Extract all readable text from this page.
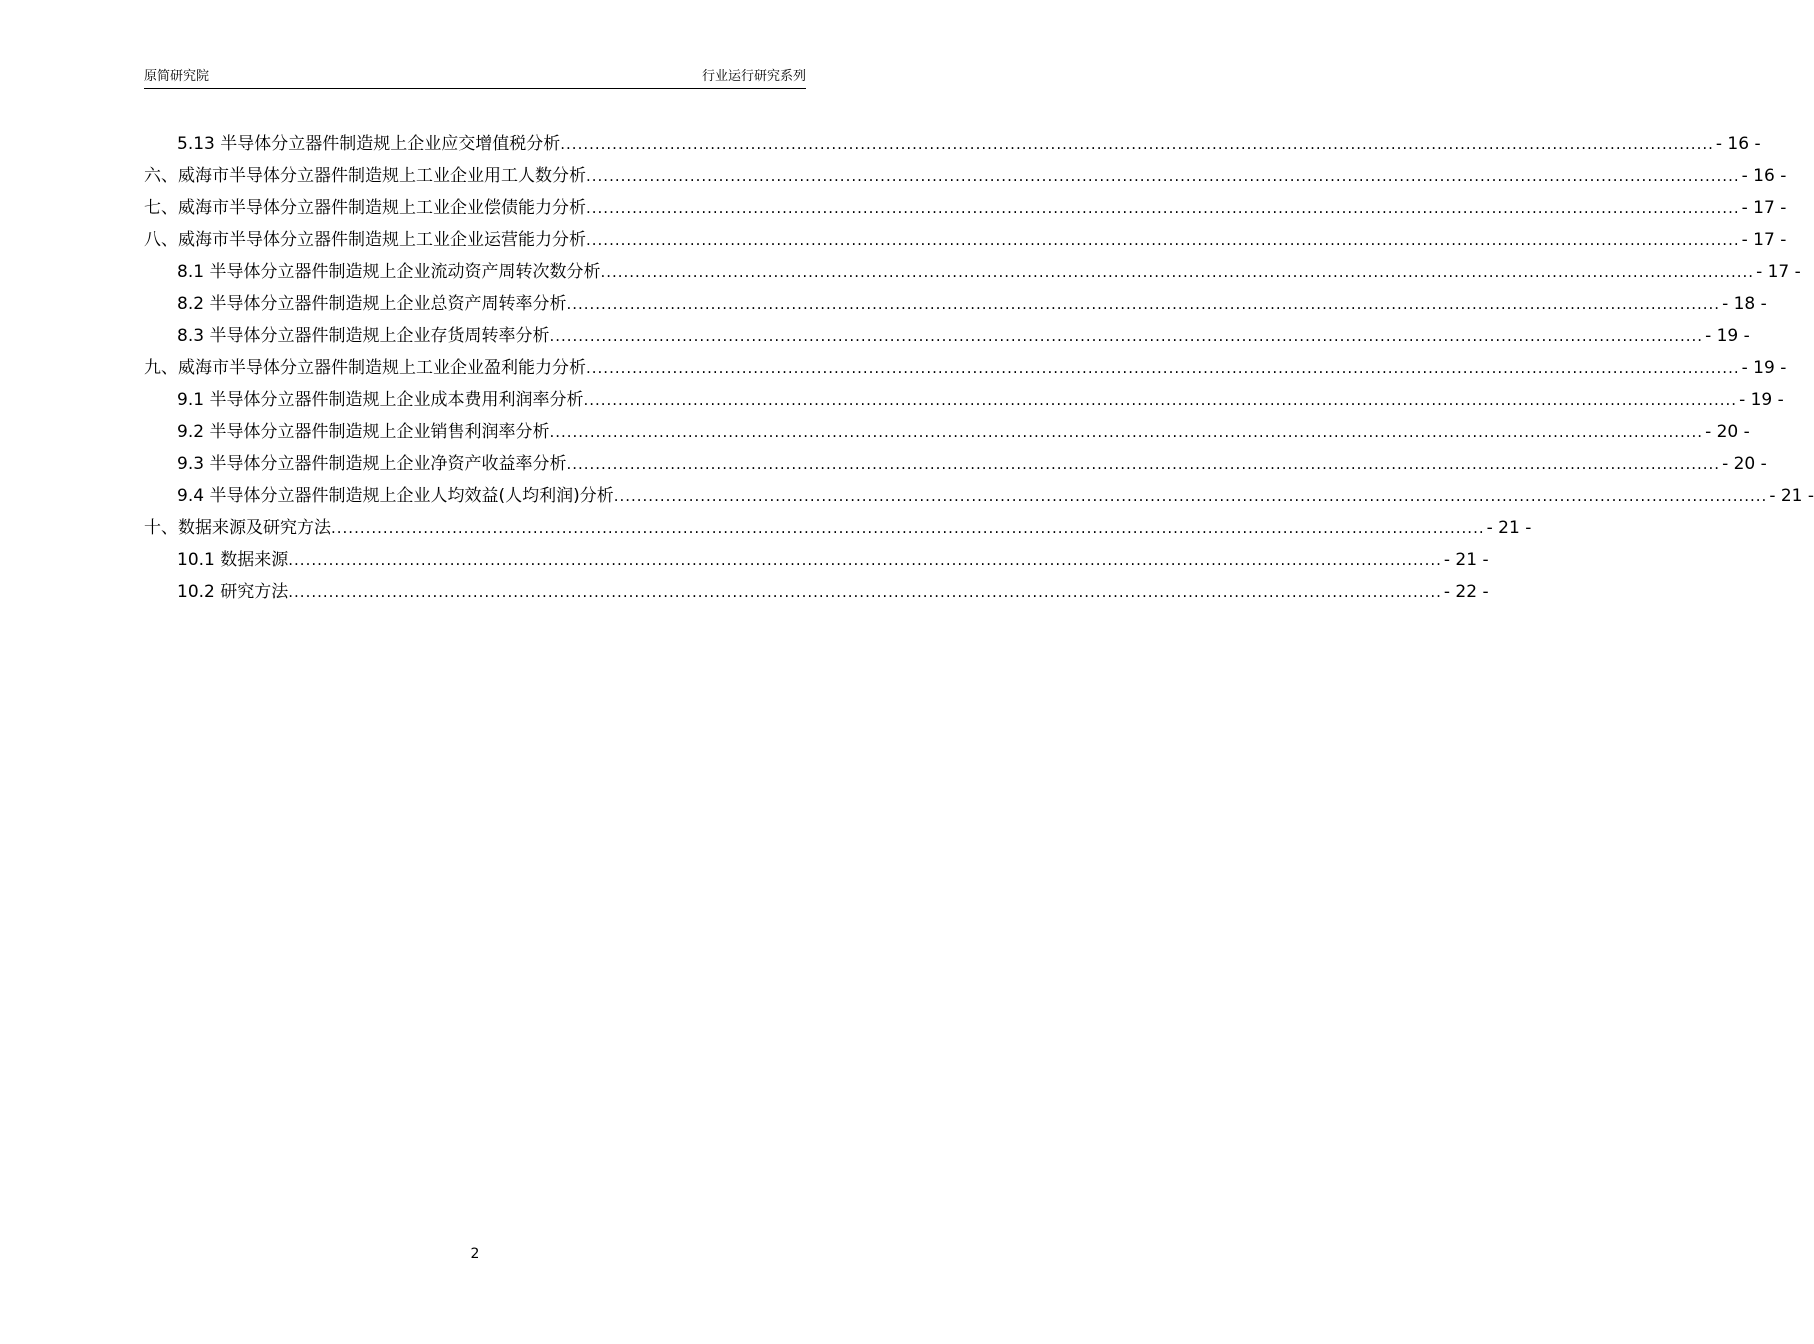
原简研究院	行业运行研究系列
5.13 半导体分立器件制造规上企业应交增值税分析 ........................................................................................................................................................................................................ - 16 -
六、威海市半导体分立器件制造规上工业企业用工人数分析 ........................................................................................................................................................................................................ - 16 -
七、威海市半导体分立器件制造规上工业企业偿债能力分析 ........................................................................................................................................................................................................ - 17 -
八、威海市半导体分立器件制造规上工业企业运营能力分析 ........................................................................................................................................................................................................ - 17 -
8.1 半导体分立器件制造规上企业流动资产周转次数分析 ........................................................................................................................................................................................................ - 17 -
8.2 半导体分立器件制造规上企业总资产周转率分析 ........................................................................................................................................................................................................ - 18 -
8.3 半导体分立器件制造规上企业存货周转率分析 ........................................................................................................................................................................................................ - 19 -
九、威海市半导体分立器件制造规上工业企业盈利能力分析 ........................................................................................................................................................................................................ - 19 -
9.1 半导体分立器件制造规上企业成本费用利润率分析 ........................................................................................................................................................................................................ - 19 -
9.2 半导体分立器件制造规上企业销售利润率分析 ........................................................................................................................................................................................................ - 20 -
9.3 半导体分立器件制造规上企业净资产收益率分析 ........................................................................................................................................................................................................ - 20 -
9.4 半导体分立器件制造规上企业人均效益(人均利润)分析 ........................................................................................................................................................................................................ - 21 -
十、数据来源及研究方法 ........................................................................................................................................................................................................ - 21 -
10.1 数据来源 ........................................................................................................................................................................................................ - 21 -
10.2 研究方法 ........................................................................................................................................................................................................ - 22 -
2
